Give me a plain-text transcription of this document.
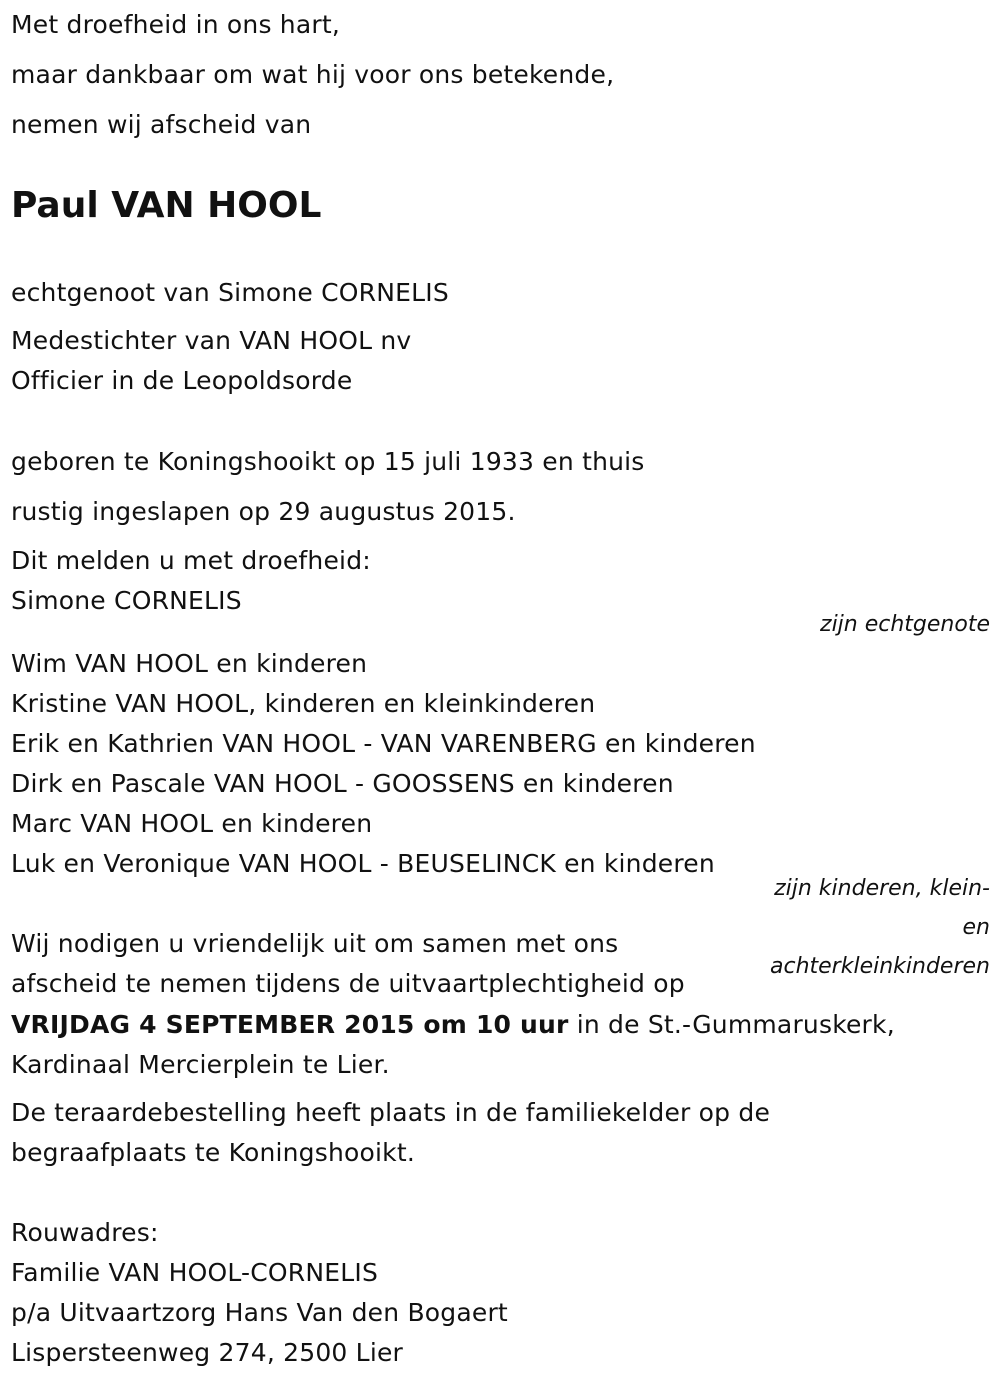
Met droefheid in ons hart,
maar dankbaar om wat hij voor ons betekende,
nemen wij afscheid van
Paul VAN HOOL
echtgenoot van Simone CORNELIS
Medestichter van VAN HOOL nv
Officier in de Leopoldsorde
geboren te Koningshooikt op 15 juli 1933 en thuis
rustig ingeslapen op 29 augustus 2015.
Dit melden u met droefheid:
Simone CORNELIS
zijn echtgenote
Wim VAN HOOL en kinderen
Kristine VAN HOOL, kinderen en kleinkinderen
Erik en Kathrien VAN HOOL - VAN VARENBERG en kinderen
Dirk en Pascale VAN HOOL - GOOSSENS en kinderen
Marc VAN HOOL en kinderen
Luk en Veronique VAN HOOL - BEUSELINCK en kinderen
zijn kinderen, klein-
en
achterkleinkinderen
Wij nodigen u vriendelijk uit om samen met ons
afscheid te nemen tijdens de uitvaartplechtigheid op
VRIJDAG 4 SEPTEMBER 2015 om 10 uur in de St.-Gummaruskerk,
Kardinaal Mercierplein te Lier.
De teraardebestelling heeft plaats in de familiekelder op de
begraafplaats te Koningshooikt.
Rouwadres:
Familie VAN HOOL-CORNELIS
p/a Uitvaartzorg Hans Van den Bogaert
Lispersteenweg 274, 2500 Lier
